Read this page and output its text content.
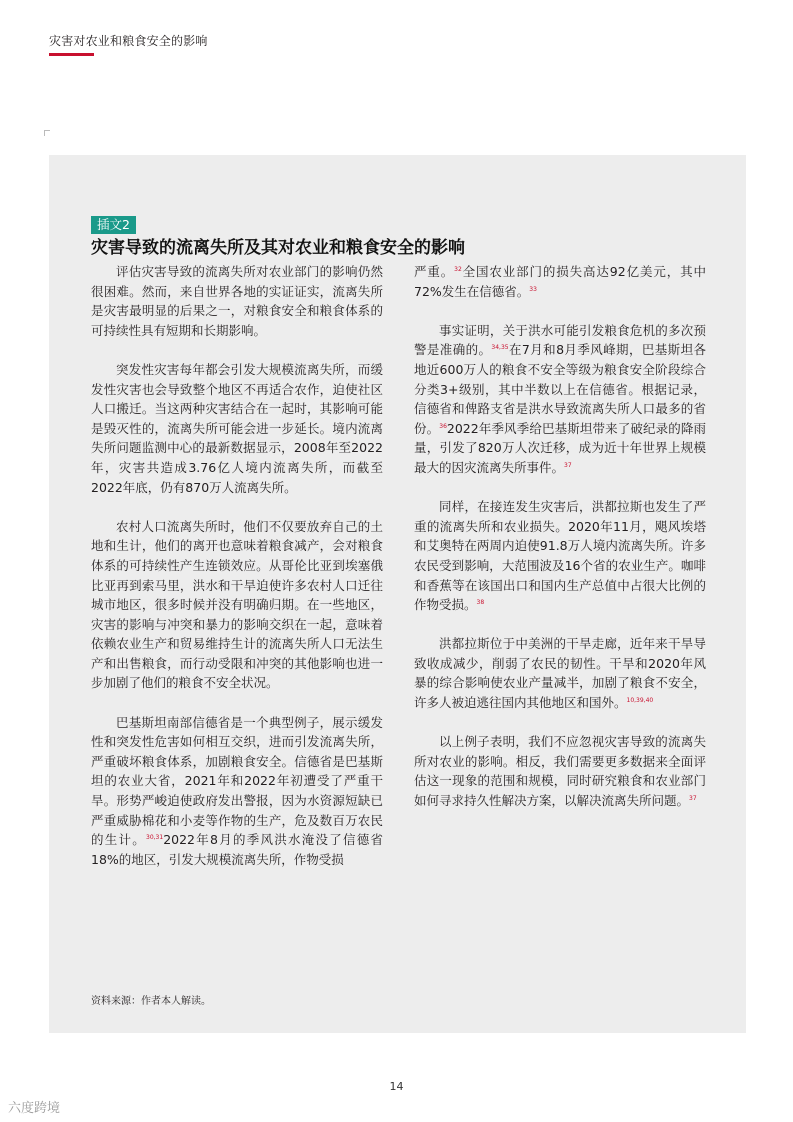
灾害对农业和粮食安全的影响
插文2
灾害导致的流离失所及其对农业和粮食安全的影响

评估灾害导致的流离失所对农业部门的影响仍然很困难。然而，来自世界各地的实证证实，流离失所是灾害最明显的后果之一，对粮食安全和粮食体系的可持续性具有短期和长期影响。

突发性灾害每年都会引发大规模流离失所，而缓发性灾害也会导致整个地区不再适合农作，迫使社区人口搬迁。当这两种灾害结合在一起时，其影响可能是毁灭性的，流离失所可能会进一步延长。境内流离失所问题监测中心的最新数据显示，2008年至2022年，灾害共造成3.76亿人境内流离失所，而截至2022年底，仍有870万人流离失所。

农村人口流离失所时，他们不仅要放弃自己的土地和生计，他们的离开也意味着粮食减产，会对粮食体系的可持续性产生连锁效应。从哥伦比亚到埃塞俄比亚再到索马里，洪水和干旱迫使许多农村人口迁往城市地区，很多时候并没有明确归期。在一些地区，灾害的影响与冲突和暴力的影响交织在一起，意味着依赖农业生产和贸易维持生计的流离失所人口无法生产和出售粮食，而行动受限和冲突的其他影响也进一步加剧了他们的粮食不安全状况。

巴基斯坦南部信德省是一个典型例子，展示缓发性和突发性危害如何相互交织，进而引发流离失所，严重破坏粮食体系，加剧粮食安全。信德省是巴基斯坦的农业大省，2021年和2022年初遭受了严重干旱。形势严峻迫使政府发出警报，因为水资源短缺已严重威胁棉花和小麦等作物的生产，危及数百万农民的生计。$^{30,31}$2022年8月的季风洪水淹没了信德省18%的地区，引发大规模流离失所，作物受损

严重。$^{32}$全国农业部门的损失高达92亿美元，其中72%发生在信德省。$^{33}$

事实证明，关于洪水可能引发粮食危机的多次预警是准确的。$^{34,35}$在7月和8月季风峰期，巴基斯坦各地近600万人的粮食不安全等级为粮食安全阶段综合分类3+级别，其中半数以上在信德省。根据记录，信德省和俾路支省是洪水导致流离失所人口最多的省份。$^{36}$2022年季风季给巴基斯坦带来了破纪录的降雨量，引发了820万人次迁移，成为近十年世界上规模最大的因灾流离失所事件。$^{37}$

同样，在接连发生灾害后，洪都拉斯也发生了严重的流离失所和农业损失。2020年11月，飓风埃塔和艾奥特在两周内迫使91.8万人境内流离失所。许多农民受到影响，大范围波及16个省的农业生产。咖啡和香蕉等在该国出口和国内生产总值中占很大比例的作物受损。$^{38}$

洪都拉斯位于中美洲的干旱走廊，近年来干旱导致收成减少，削弱了农民的韧性。干旱和2020年风暴的综合影响使农业产量减半，加剧了粮食不安全，许多人被迫逃往国内其他地区和国外。$^{10,39,40}$

以上例子表明，我们不应忽视灾害导致的流离失所对农业的影响。相反，我们需要更多数据来全面评估这一现象的范围和规模，同时研究粮食和农业部门如何寻求持久性解决方案，以解决流离失所问题。$^{37}$

资料来源：作者本人解读。
14
六度跨境
